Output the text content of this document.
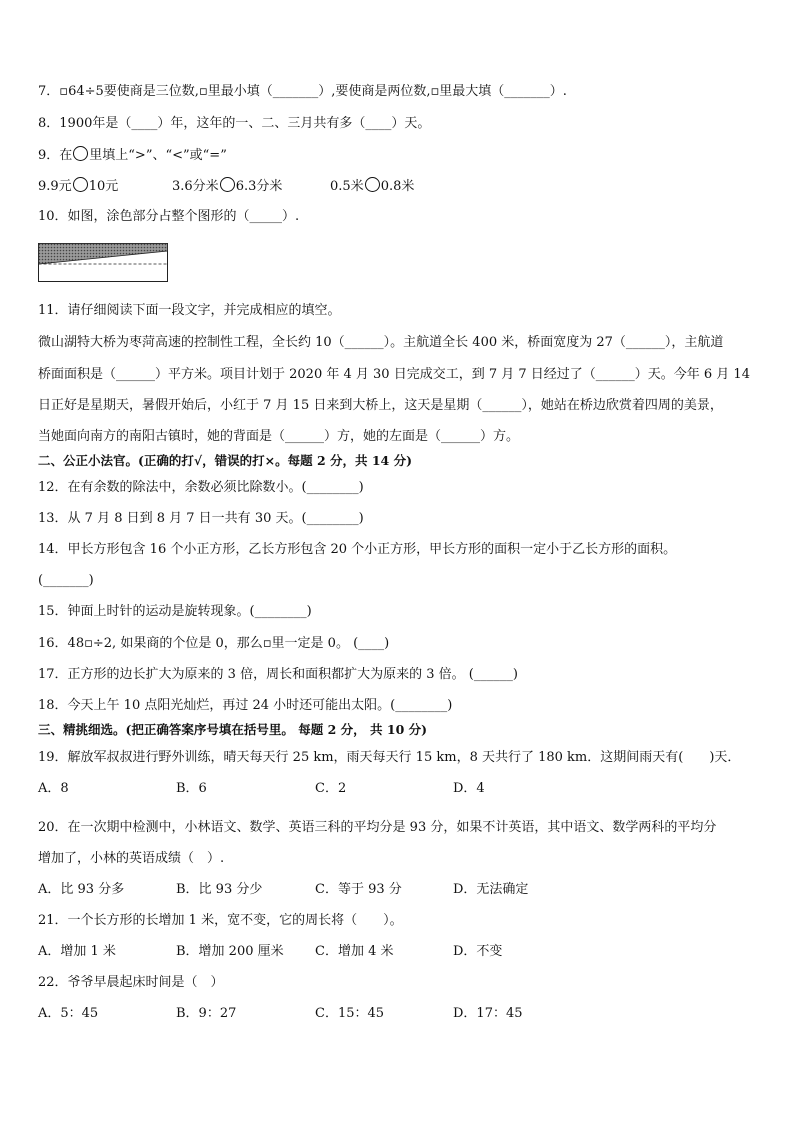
7．▫64÷5要使商是三位数,▫里最小填（_______）,要使商是两位数,▫里最大填（_______）.
8．1900年是（____）年，这年的一、二、三月共有多（____）天。
9．在 里填上“>”、“<”或“=”
9.9元 10元	3.6分米 6.3分米	0.5米 0.8米
10．如图，涂色部分占整个图形的（_____）.
11．请仔细阅读下面一段文字，并完成相应的填空。
微山湖特大桥为枣菏高速的控制性工程，全长约 10（______）。主航道全长 400 米，桥面宽度为 27（______），主航道
桥面面积是（______）平方米。项目计划于 2020 年 4 月 30 日完成交工，到 7 月 7 日经过了（______）天。今年 6 月 14
日正好是星期天，暑假开始后，小红于 7 月 15 日来到大桥上，这天是星期（______），她站在桥边欣赏着四周的美景，
当她面向南方的南阳古镇时，她的背面是（______）方，她的左面是（______）方。
二、公正小法官。(正确的打√，错误的打×。每题 2 分，共 14 分)
12．在有余数的除法中，余数必须比除数小。(________)
13．从 7 月 8 日到 8 月 7 日一共有 30 天。(________)
14．甲长方形包含 16 个小正方形，乙长方形包含 20 个小正方形，甲长方形的面积一定小于乙长方形的面积。
(_______)
15．钟面上时针的运动是旋转现象。(________)
16．48▫÷2, 如果商的个位是 0，那么▫里一定是 0。 (____)
17．正方形的边长扩大为原来的 3 倍，周长和面积都扩大为原来的 3 倍。 (______)
18．今天上午 10 点阳光灿烂，再过 24 小时还可能出太阳。(________)
三、精挑细选。(把正确答案序号填在括号里。 每题 2 分， 共 10 分)
19．解放军叔叔进行野外训练，晴天每天行 25 km，雨天每天行 15 km，8 天共行了 180 km．这期间雨天有(　　)天．
A．8	B．6	C．2	D．4
20．在一次期中检测中，小林语文、数学、英语三科的平均分是 93 分，如果不计英语，其中语文、数学两科的平均分
增加了，小林的英语成绩（　）.
A．比 93 分多	B．比 93 分少	C．等于 93 分	D．无法确定
21．一个长方形的长增加 1 米，宽不变，它的周长将（　　）。
A．增加 1 米	B．增加 200 厘米 C．增加 4 米	D．不变
22．爷爷早晨起床时间是（　）
A．5：45	B．9：27	C．15：45	D．17：45
